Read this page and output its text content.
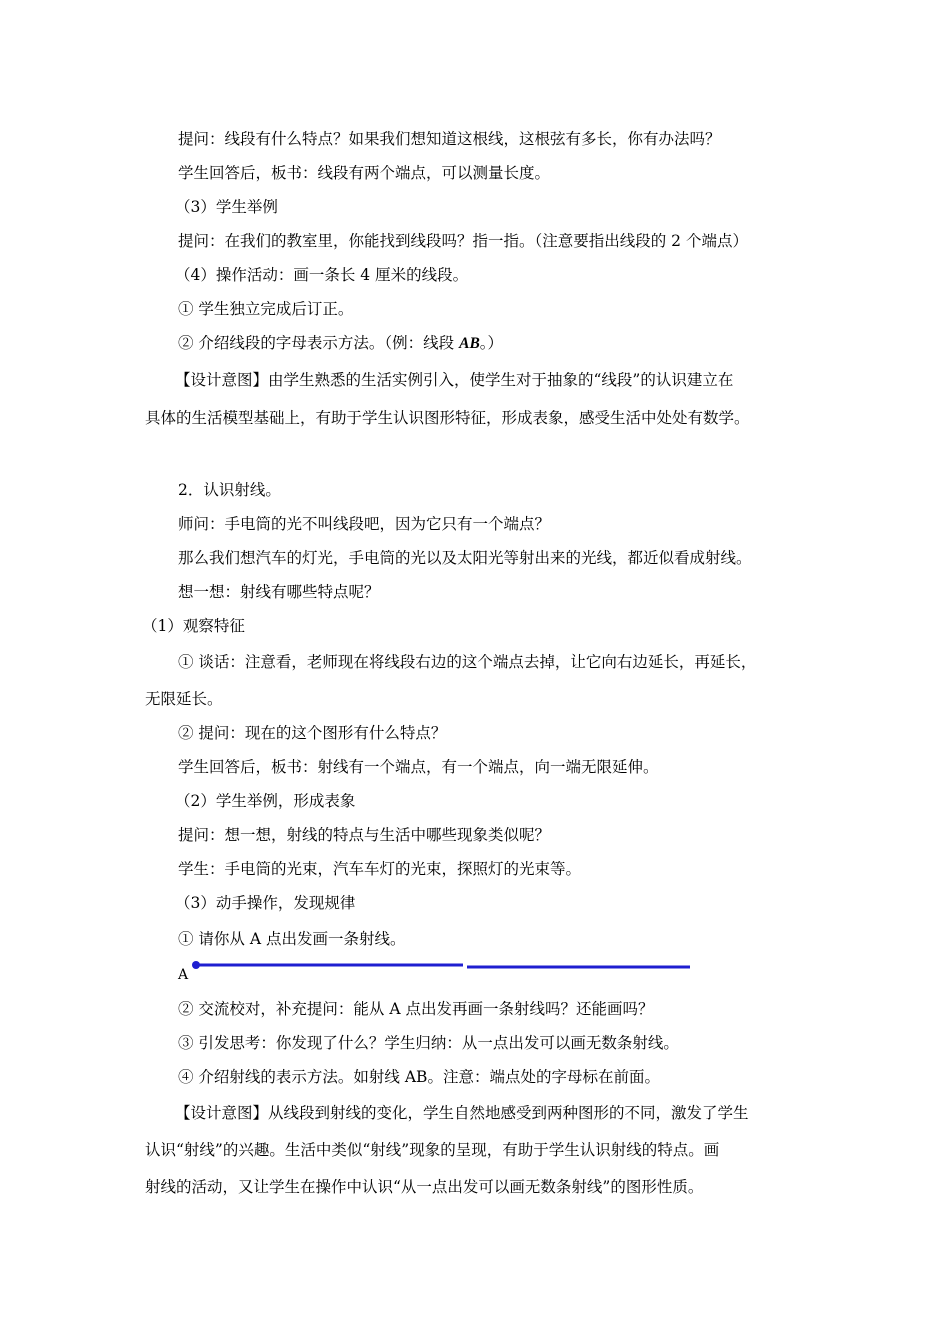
提问：线段有什么特点？如果我们想知道这根线，这根弦有多长，你有办法吗？
学生回答后，板书：线段有两个端点，可以测量长度。
（3）学生举例
提问：在我们的教室里，你能找到线段吗？指一指。（注意要指出线段的 2 个端点）
（4）操作活动：画一条长 4 厘米的线段。
① 学生独立完成后订正。
② 介绍线段的字母表示方法。（例：线段 AB。）
【设计意图】由学生熟悉的生活实例引入，使学生对于抽象的“线段”的认识建立在
具体的生活模型基础上，有助于学生认识图形特征，形成表象，感受生活中处处有数学。
2．认识射线。
师问：手电筒的光不叫线段吧，因为它只有一个端点？
那么我们想汽车的灯光，手电筒的光以及太阳光等射出来的光线，都近似看成射线。
想一想：射线有哪些特点呢？
（1）观察特征
① 谈话：注意看，老师现在将线段右边的这个端点去掉，让它向右边延长，再延长，
无限延长。
② 提问：现在的这个图形有什么特点？
学生回答后，板书：射线有一个端点，有一个端点，向一端无限延伸。
（2）学生举例，形成表象
提问：想一想，射线的特点与生活中哪些现象类似呢？
学生：手电筒的光束，汽车车灯的光束，探照灯的光束等。
（3）动手操作，发现规律
① 请你从 A 点出发画一条射线。
A
② 交流校对，补充提问：能从 A 点出发再画一条射线吗？还能画吗？
③ 引发思考：你发现了什么？学生归纳：从一点出发可以画无数条射线。
④ 介绍射线的表示方法。如射线 AB。注意：端点处的字母标在前面。
【设计意图】从线段到射线的变化，学生自然地感受到两种图形的不同，激发了学生
认识“射线”的兴趣。生活中类似“射线”现象的呈现，有助于学生认识射线的特点。画
射线的活动，又让学生在操作中认识“从一点出发可以画无数条射线”的图形性质。
